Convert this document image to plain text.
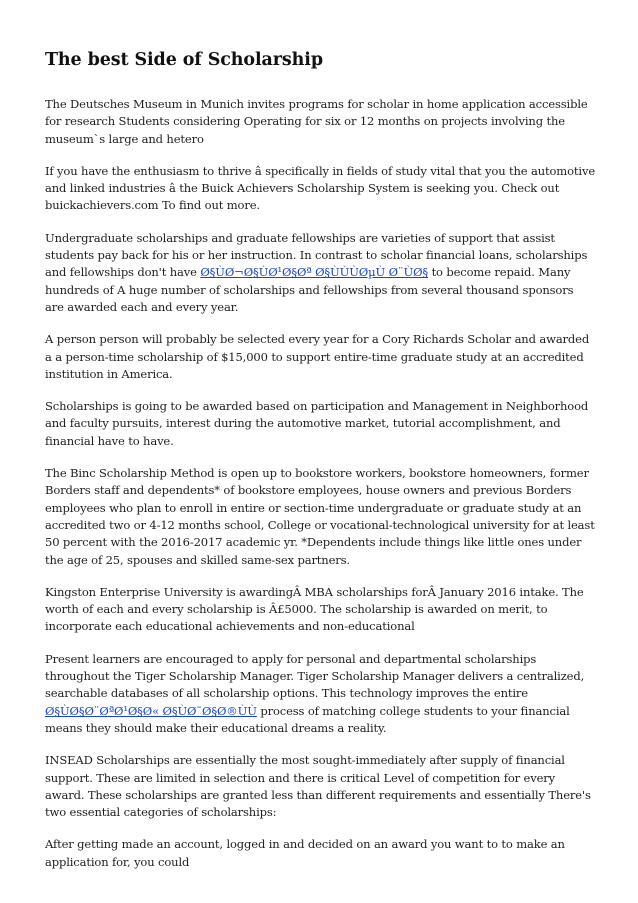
The best Side of Scholarship

The Deutsches Museum in Munich invites programs for scholar in home application accessible for research Students considering Operating for six or 12 months on projects involving the museum`s large and hetero

If you have the enthusiasm to thrive â specifically in fields of study vital that you the automotive and linked industries â the Buick Achievers Scholarship System is seeking you. Check out buickachievers.com To find out more.

Undergraduate scholarships and graduate fellowships are varieties of support that assist students pay back for his or her instruction. In contrast to scholar financial loans, scholarships and fellowships don't have Ø§ÙØ¬Ø§ÙØ¹Ø§Øª Ø§ÙÙÙØµÙ Ø¨ÙØ§ to become repaid. Many hundreds of A huge number of scholarships and fellowships from several thousand sponsors are awarded each and every year.

A person person will probably be selected every year for a Cory Richards Scholar and awarded a a person-time scholarship of $15,000 to support entire-time graduate study at an accredited institution in America.

Scholarships is going to be awarded based on participation and Management in Neighborhood and faculty pursuits, interest during the automotive market, tutorial accomplishment, and financial have to have.

The Binc Scholarship Method is open up to bookstore workers, bookstore homeowners, former Borders staff and dependents* of bookstore employees, house owners and previous Borders employees who plan to enroll in entire or section-time undergraduate or graduate study at an accredited two or 4-12 months school, College or vocational-technological university for at least 50 percent with the 2016-2017 academic yr. *Dependents include things like little ones under the age of 25, spouses and skilled same-sex partners.

Kingston Enterprise University is awardingÂ MBA scholarships forÂ January 2016 intake. The worth of each and every scholarship is Â£5000. The scholarship is awarded on merit, to incorporate each educational achievements and non-educational

Present learners are encouraged to apply for personal and departmental scholarships throughout the Tiger Scholarship Manager. Tiger Scholarship Manager delivers a centralized, searchable databases of all scholarship options. This technology improves the entire Ø§ÙØ§Ø¨ØªØ¹Ø§Ø« Ø§ÙØ¯Ø§Ø®ÙÙ process of matching college students to your financial means they should make their educational dreams a reality.

INSEAD Scholarships are essentially the most sought-immediately after supply of financial support. These are limited in selection and there is critical Level of competition for every award. These scholarships are granted less than different requirements and essentially There's two essential categories of scholarships:

After getting made an account, logged in and decided on an award you want to to make an application for, you could
